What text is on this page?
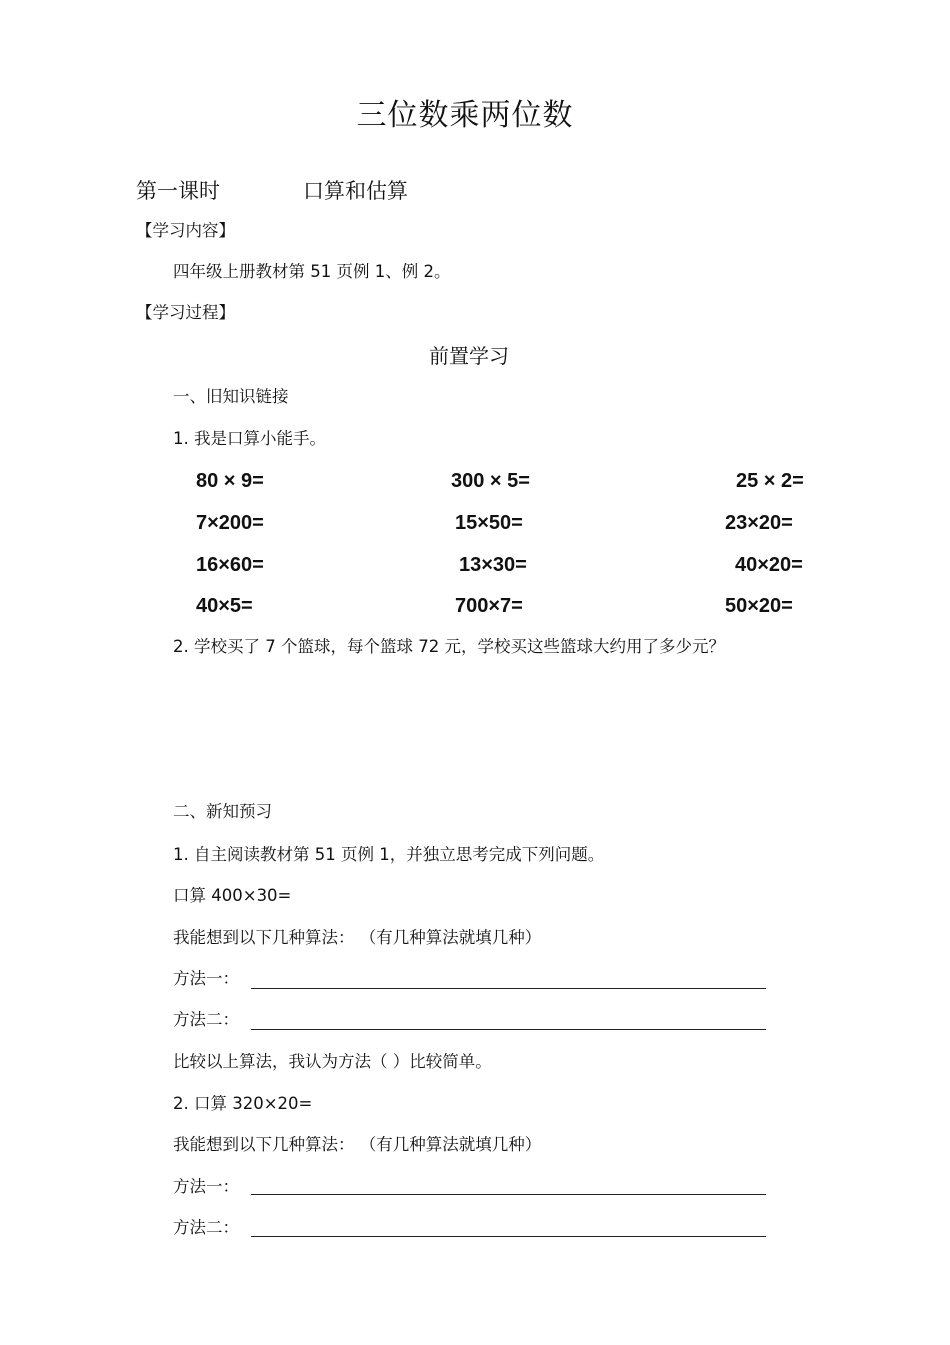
三位数乘两位数
第一课时	口算和估算
【学习内容】
四年级上册教材第 51 页例 1、例 2。
【学习过程】
前置学习
一、旧知识链接
1. 我是口算小能手。
80 × 9=	300 × 5=	25 × 2=
7×200=	15×50=	23×20=
16×60=	13×30=	40×20=
40×5=	700×7=	50×20=
2. 学校买了 7 个篮球，每个篮球 72 元，学校买这些篮球大约用了多少元？
二、新知预习
1. 自主阅读教材第 51 页例 1，并独立思考完成下列问题。
口算 400×30=
我能想到以下几种算法： （有几种算法就填几种）
方法一：
方法二：
比较以上算法，我认为方法（ ）比较简单。
2. 口算 320×20=
我能想到以下几种算法： （有几种算法就填几种）
方法一：
方法二：
